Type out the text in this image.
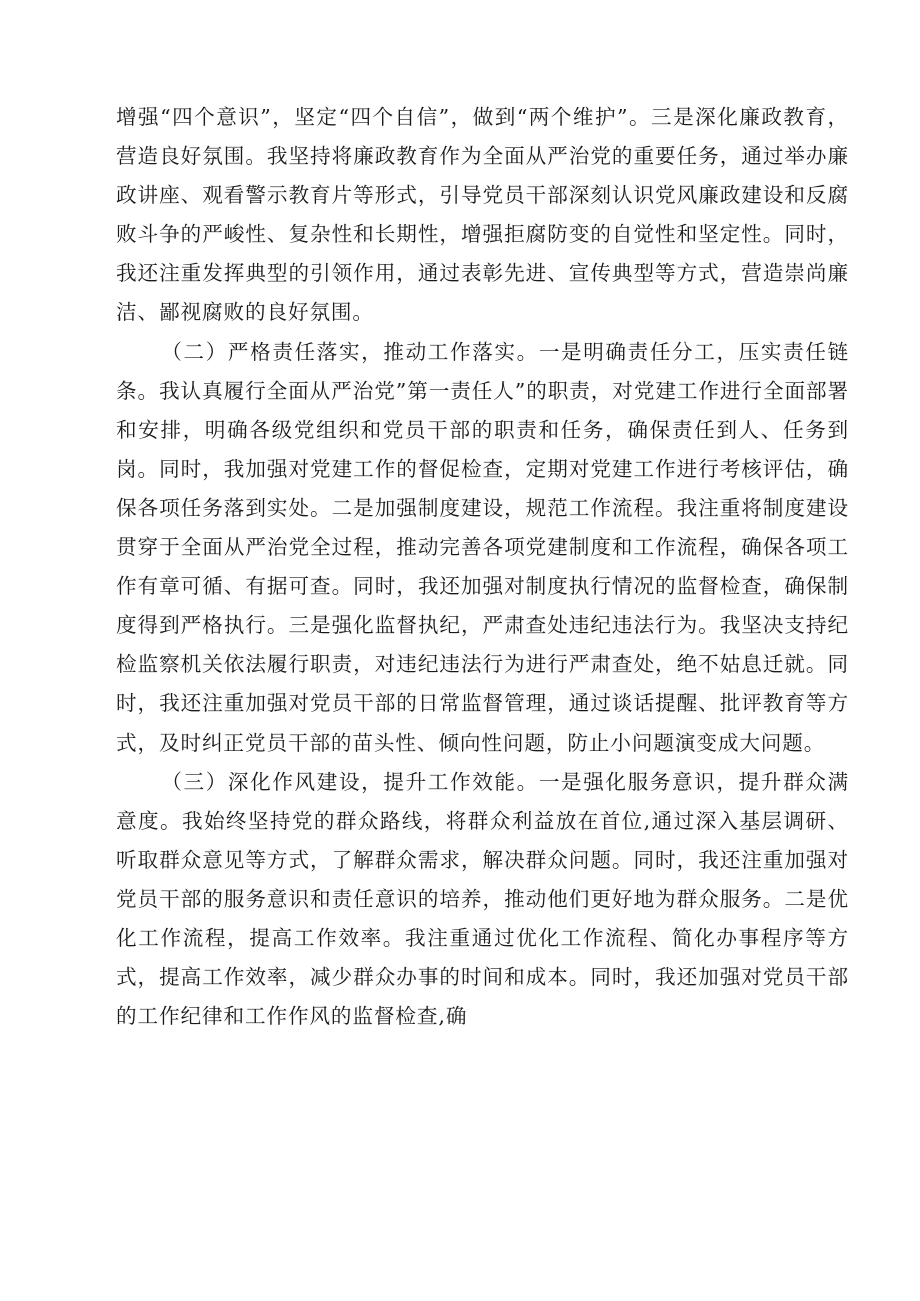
增强“四个意识”，坚定“四个自信”，做到“两个维护”。三是深化廉政教育，营造良好氛围。我坚持将廉政教育作为全面从严治党的重要任务，通过举办廉政讲座、观看警示教育片等形式，引导党员干部深刻认识党风廉政建设和反腐败斗争的严峻性、复杂性和长期性，增强拒腐防变的自觉性和坚定性。同时，我还注重发挥典型的引领作用，通过表彰先进、宣传典型等方式，营造崇尚廉洁、鄙视腐败的良好氛围。

（二）严格责任落实，推动工作落实。一是明确责任分工，压实责任链条。我认真履行全面从严治党”第一责任人”的职责，对党建工作进行全面部署和安排，明确各级党组织和党员干部的职责和任务，确保责任到人、任务到岗。同时，我加强对党建工作的督促检查，定期对党建工作进行考核评估，确保各项任务落到实处。二是加强制度建设，规范工作流程。我注重将制度建设贯穿于全面从严治党全过程，推动完善各项党建制度和工作流程，确保各项工作有章可循、有据可查。同时，我还加强对制度执行情况的监督检查，确保制度得到严格执行。三是强化监督执纪，严肃查处违纪违法行为。我坚决支持纪检监察机关依法履行职责，对违纪违法行为进行严肃查处，绝不姑息迁就。同时，我还注重加强对党员干部的日常监督管理，通过谈话提醒、批评教育等方式，及时纠正党员干部的苗头性、倾向性问题，防止小问题演变成大问题。

（三）深化作风建设，提升工作效能。一是强化服务意识，提升群众满意度。我始终坚持党的群众路线，将群众利益放在首位,通过深入基层调研、听取群众意见等方式，了解群众需求，解决群众问题。同时，我还注重加强对党员干部的服务意识和责任意识的培养，推动他们更好地为群众服务。二是优化工作流程，提高工作效率。我注重通过优化工作流程、简化办事程序等方式，提高工作效率，减少群众办事的时间和成本。同时，我还加强对党员干部的工作纪律和工作作风的监督检查,确
